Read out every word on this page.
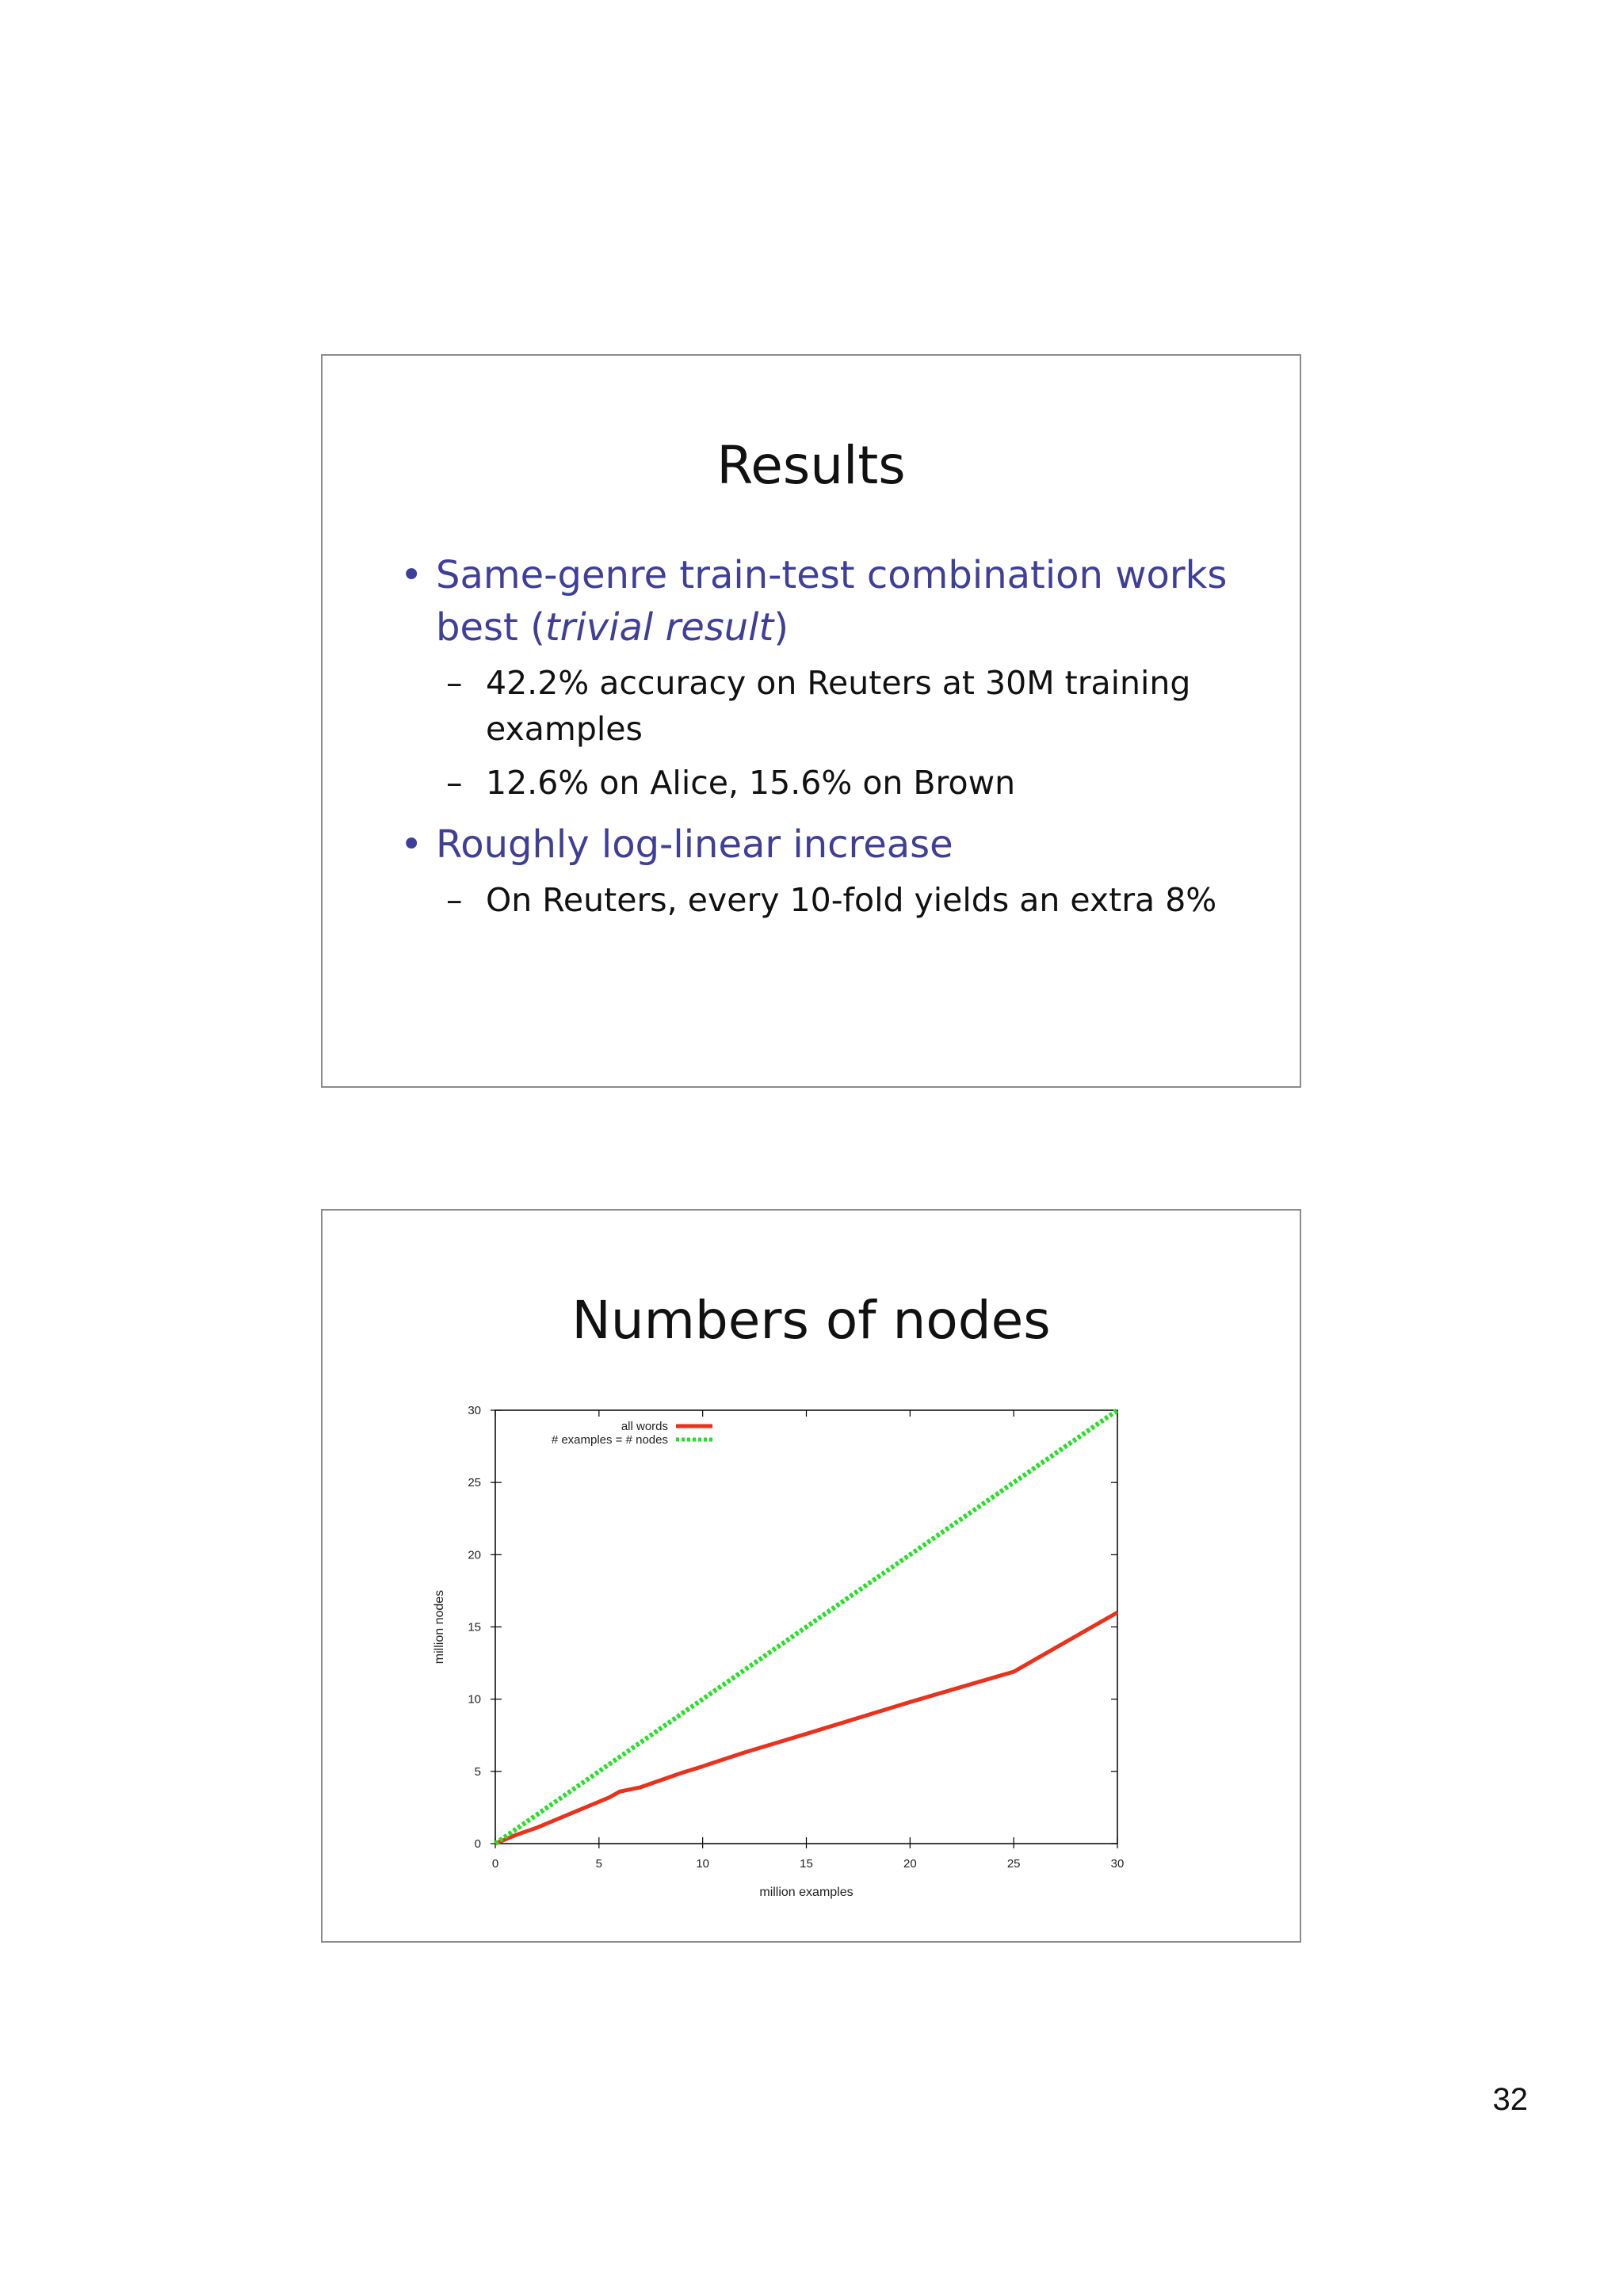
Results
• Same-genre train-test combination works best (trivial result)
– 42.2% accuracy on Reuters at 30M training examples
– 12.6% on Alice, 15.6% on Brown
• Roughly log-linear increase
– On Reuters, every 10-fold yields an extra 8%
Numbers of nodes
0	5	10	15	20	25	30
0
5
10
15
20
25
30
million examples
million nodes
all words
# examples = # nodes
32
